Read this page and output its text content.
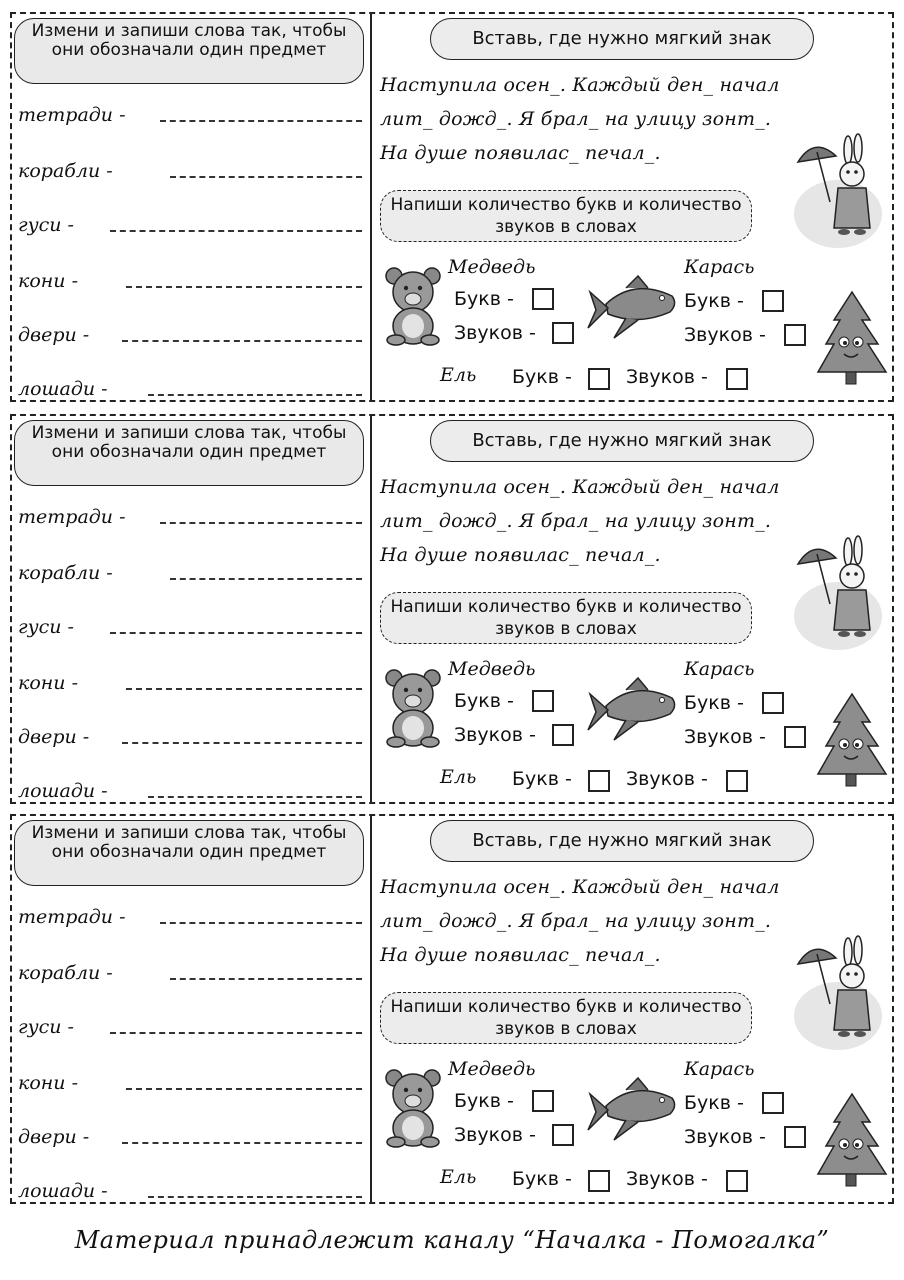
Измени и запиши слова так, чтобы они обозначали один предмет
тетради -
корабли -
гуси -
кони -
двери -
лошади -
Вставь, где нужно мягкий знак
Наступила осен_. Каждый ден_ начал
лит_ дожд_. Я брал_ на улицу зонт_.
На душе появилас_ печал_.
Напиши количество букв и количество звуков в словах
Медведь
Букв -
Звуков -
Карась
Букв -
Звуков -
Ель Букв -	Звуков -
Измени и запиши слова так, чтобы они обозначали один предмет
тетради -
корабли -
гуси -
кони -
двери -
лошади -
Вставь, где нужно мягкий знак
Наступила осен_. Каждый ден_ начал
лит_ дожд_. Я брал_ на улицу зонт_.
На душе появилас_ печал_.
Напиши количество букв и количество звуков в словах
Медведь
Букв -
Звуков -
Карась
Букв -
Звуков -
Ель Букв -	Звуков -
Измени и запиши слова так, чтобы они обозначали один предмет
тетради -
корабли -
гуси -
кони -
двери -
лошади -
Вставь, где нужно мягкий знак
Наступила осен_. Каждый ден_ начал
лит_ дожд_. Я брал_ на улицу зонт_.
На душе появилас_ печал_.
Напиши количество букв и количество звуков в словах
Медведь
Букв -
Звуков -
Карась
Букв -
Звуков -
Ель Букв -	Звуков -
Материал принадлежит каналу “Началка - Помогалка”
